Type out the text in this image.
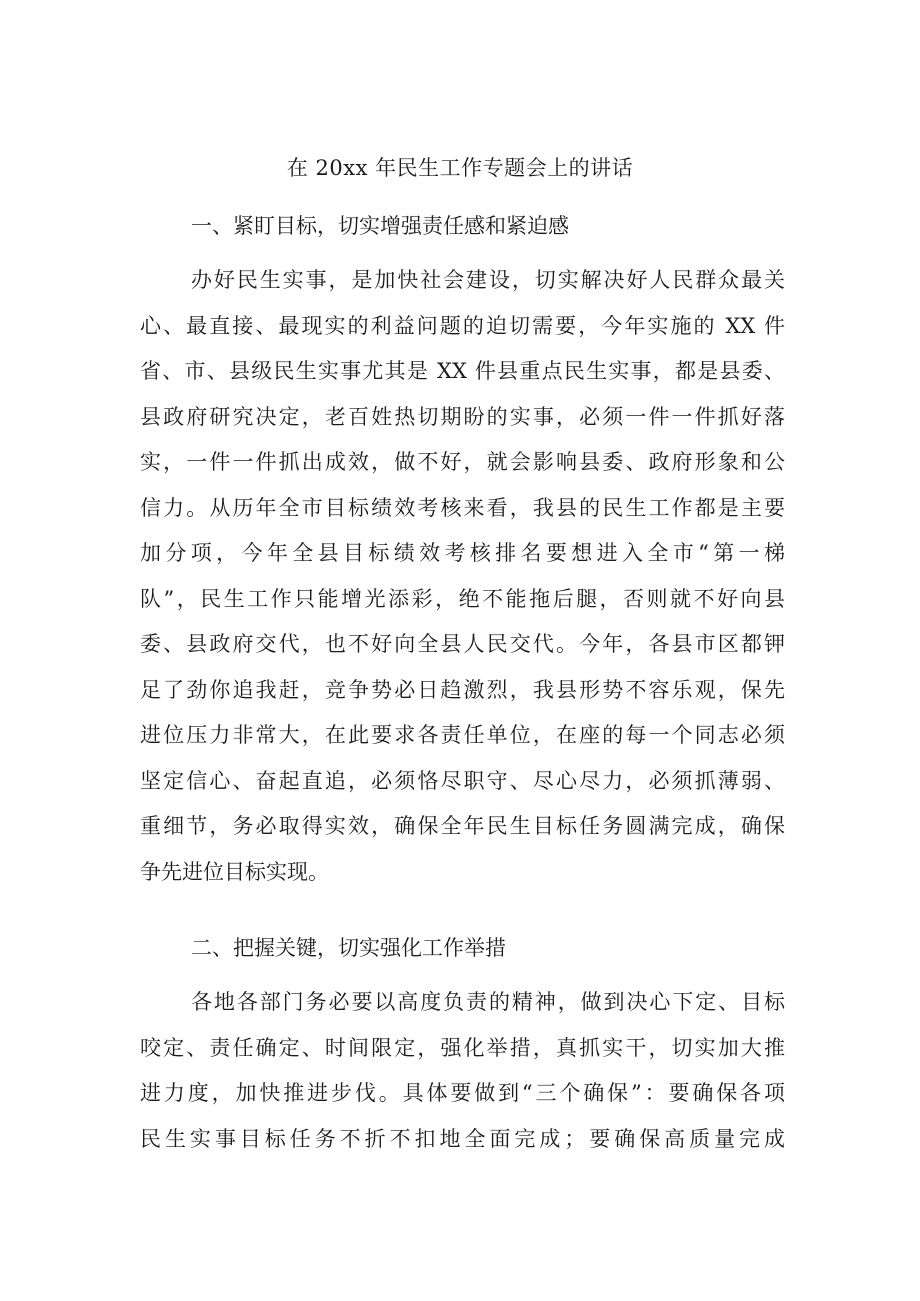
在 20xx 年民生工作专题会上的讲话
一、紧盯目标，切实增强责任感和紧迫感
办好民生实事，是加快社会建设，切实解决好人民群众最关
心、最直接、最现实的利益问题的迫切需要，今年实施的 XX 件
省、市、县级民生实事尤其是 XX 件县重点民生实事，都是县委、
县政府研究决定，老百姓热切期盼的实事，必须一件一件抓好落
实，一件一件抓出成效，做不好，就会影响县委、政府形象和公
信力。从历年全市目标绩效考核来看，我县的民生工作都是主要
加分项，今年全县目标绩效考核排名要想进入全市“第一梯
队”，民生工作只能增光添彩，绝不能拖后腿，否则就不好向县
委、县政府交代，也不好向全县人民交代。今年，各县市区都钾
足了劲你追我赶，竞争势必日趋激烈，我县形势不容乐观，保先
进位压力非常大，在此要求各责任单位，在座的每一个同志必须
坚定信心、奋起直追，必须恪尽职守、尽心尽力，必须抓薄弱、
重细节，务必取得实效，确保全年民生目标任务圆满完成，确保
争先进位目标实现。
二、把握关键，切实强化工作举措
各地各部门务必要以高度负责的精神，做到决心下定、目标
咬定、责任确定、时间限定，强化举措，真抓实干，切实加大推
进力度，加快推进步伐。具体要做到“三个确保”：要确保各项
民生实事目标任务不折不扣地全面完成；要确保高质量完成
